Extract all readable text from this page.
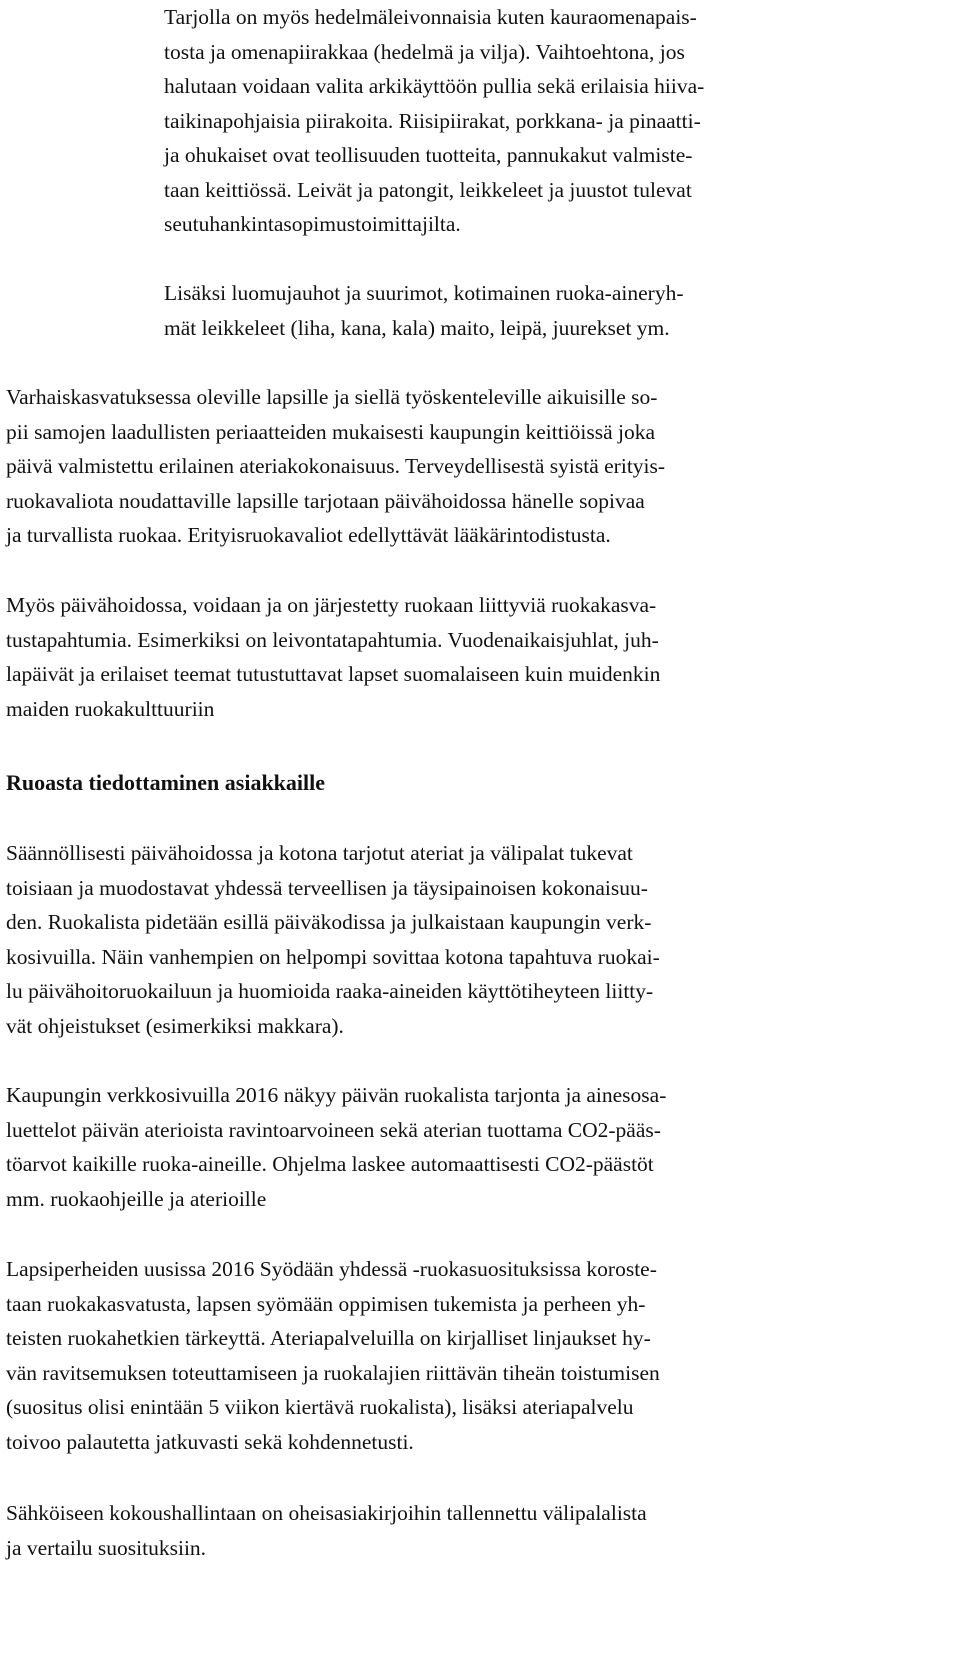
Tarjolla on myös hedelmäleivonnaisia kuten kauraomenapais-
tosta ja omenapiirakkaa (hedelmä ja vilja). Vaihtoehtona, jos
halutaan voidaan valita arkikäyttöön pullia sekä erilaisia hiiva-
taikinapohjaisia piirakoita. Riisipiirakat, porkkana- ja pinaatti-
ja ohukaiset ovat teollisuuden tuotteita, pannukakut valmiste-
taan keittiössä. Leivät ja patongit, leikkeleet ja juustot tulevat
seutuhankintasopimustoimittajilta.

Lisäksi luomujauhot ja suurimot, kotimainen ruoka-aineryh-
mät leikkeleet (liha, kana, kala) maito, leipä, juurekset ym.

Varhaiskasvatuksessa oleville lapsille ja siellä työskenteleville aikuisille so-
pii samojen laadullisten periaatteiden mukaisesti kaupungin keittiöissä joka
päivä valmistettu erilainen ateriakokonaisuus. Terveydellisestä syistä erityis-
ruokavaliota noudattaville lapsille tarjotaan päivähoidossa hänelle sopivaa
ja turvallista ruokaa. Erityisruokavaliot edellyttävät lääkärintodistusta.

Myös päivähoidossa, voidaan ja on järjestetty ruokaan liittyviä ruokakasva-
tustapahtumia. Esimerkiksi on leivontatapahtumia. Vuodenaikaisjuhlat, juh-
lapäivät ja erilaiset teemat tutustuttavat lapset suomalaiseen kuin muidenkin
maiden ruokakulttuuriin

Ruoasta tiedottaminen asiakkaille

Säännöllisesti päivähoidossa ja kotona tarjotut ateriat ja välipalat tukevat
toisiaan ja muodostavat yhdessä terveellisen ja täysipainoisen kokonaisuu-
den. Ruokalista pidetään esillä päiväkodissa ja julkaistaan kaupungin verk-
kosivuilla. Näin vanhempien on helpompi sovittaa kotona tapahtuva ruokai-
lu päivähoitoruokailuun ja huomioida raaka-aineiden käyttötiheyteen liitty-
vät ohjeistukset (esimerkiksi makkara).

Kaupungin verkkosivuilla 2016 näkyy päivän ruokalista tarjonta ja ainesosa-
luettelot päivän aterioista ravintoarvoineen sekä aterian tuottama CO2-pääs-
töarvot kaikille ruoka-aineille. Ohjelma laskee automaattisesti CO2-päästöt
mm. ruokaohjeille ja aterioille

Lapsiperheiden uusissa 2016 Syödään yhdessä -ruokasuosituksissa koroste-
taan ruokakasvatusta, lapsen syömään oppimisen tukemista ja perheen yh-
teisten ruokahetkien tärkeyttä. Ateriapalveluilla on kirjalliset linjaukset hy-
vän ravitsemuksen toteuttamiseen ja ruokalajien riittävän tiheän toistumisen
(suositus olisi enintään 5 viikon kiertävä ruokalista), lisäksi ateriapalvelu
toivoo palautetta jatkuvasti sekä kohdennetusti.

Sähköiseen kokoushallintaan on oheisasiakirjoihin tallennettu välipalalista
ja vertailu suosituksiin.
